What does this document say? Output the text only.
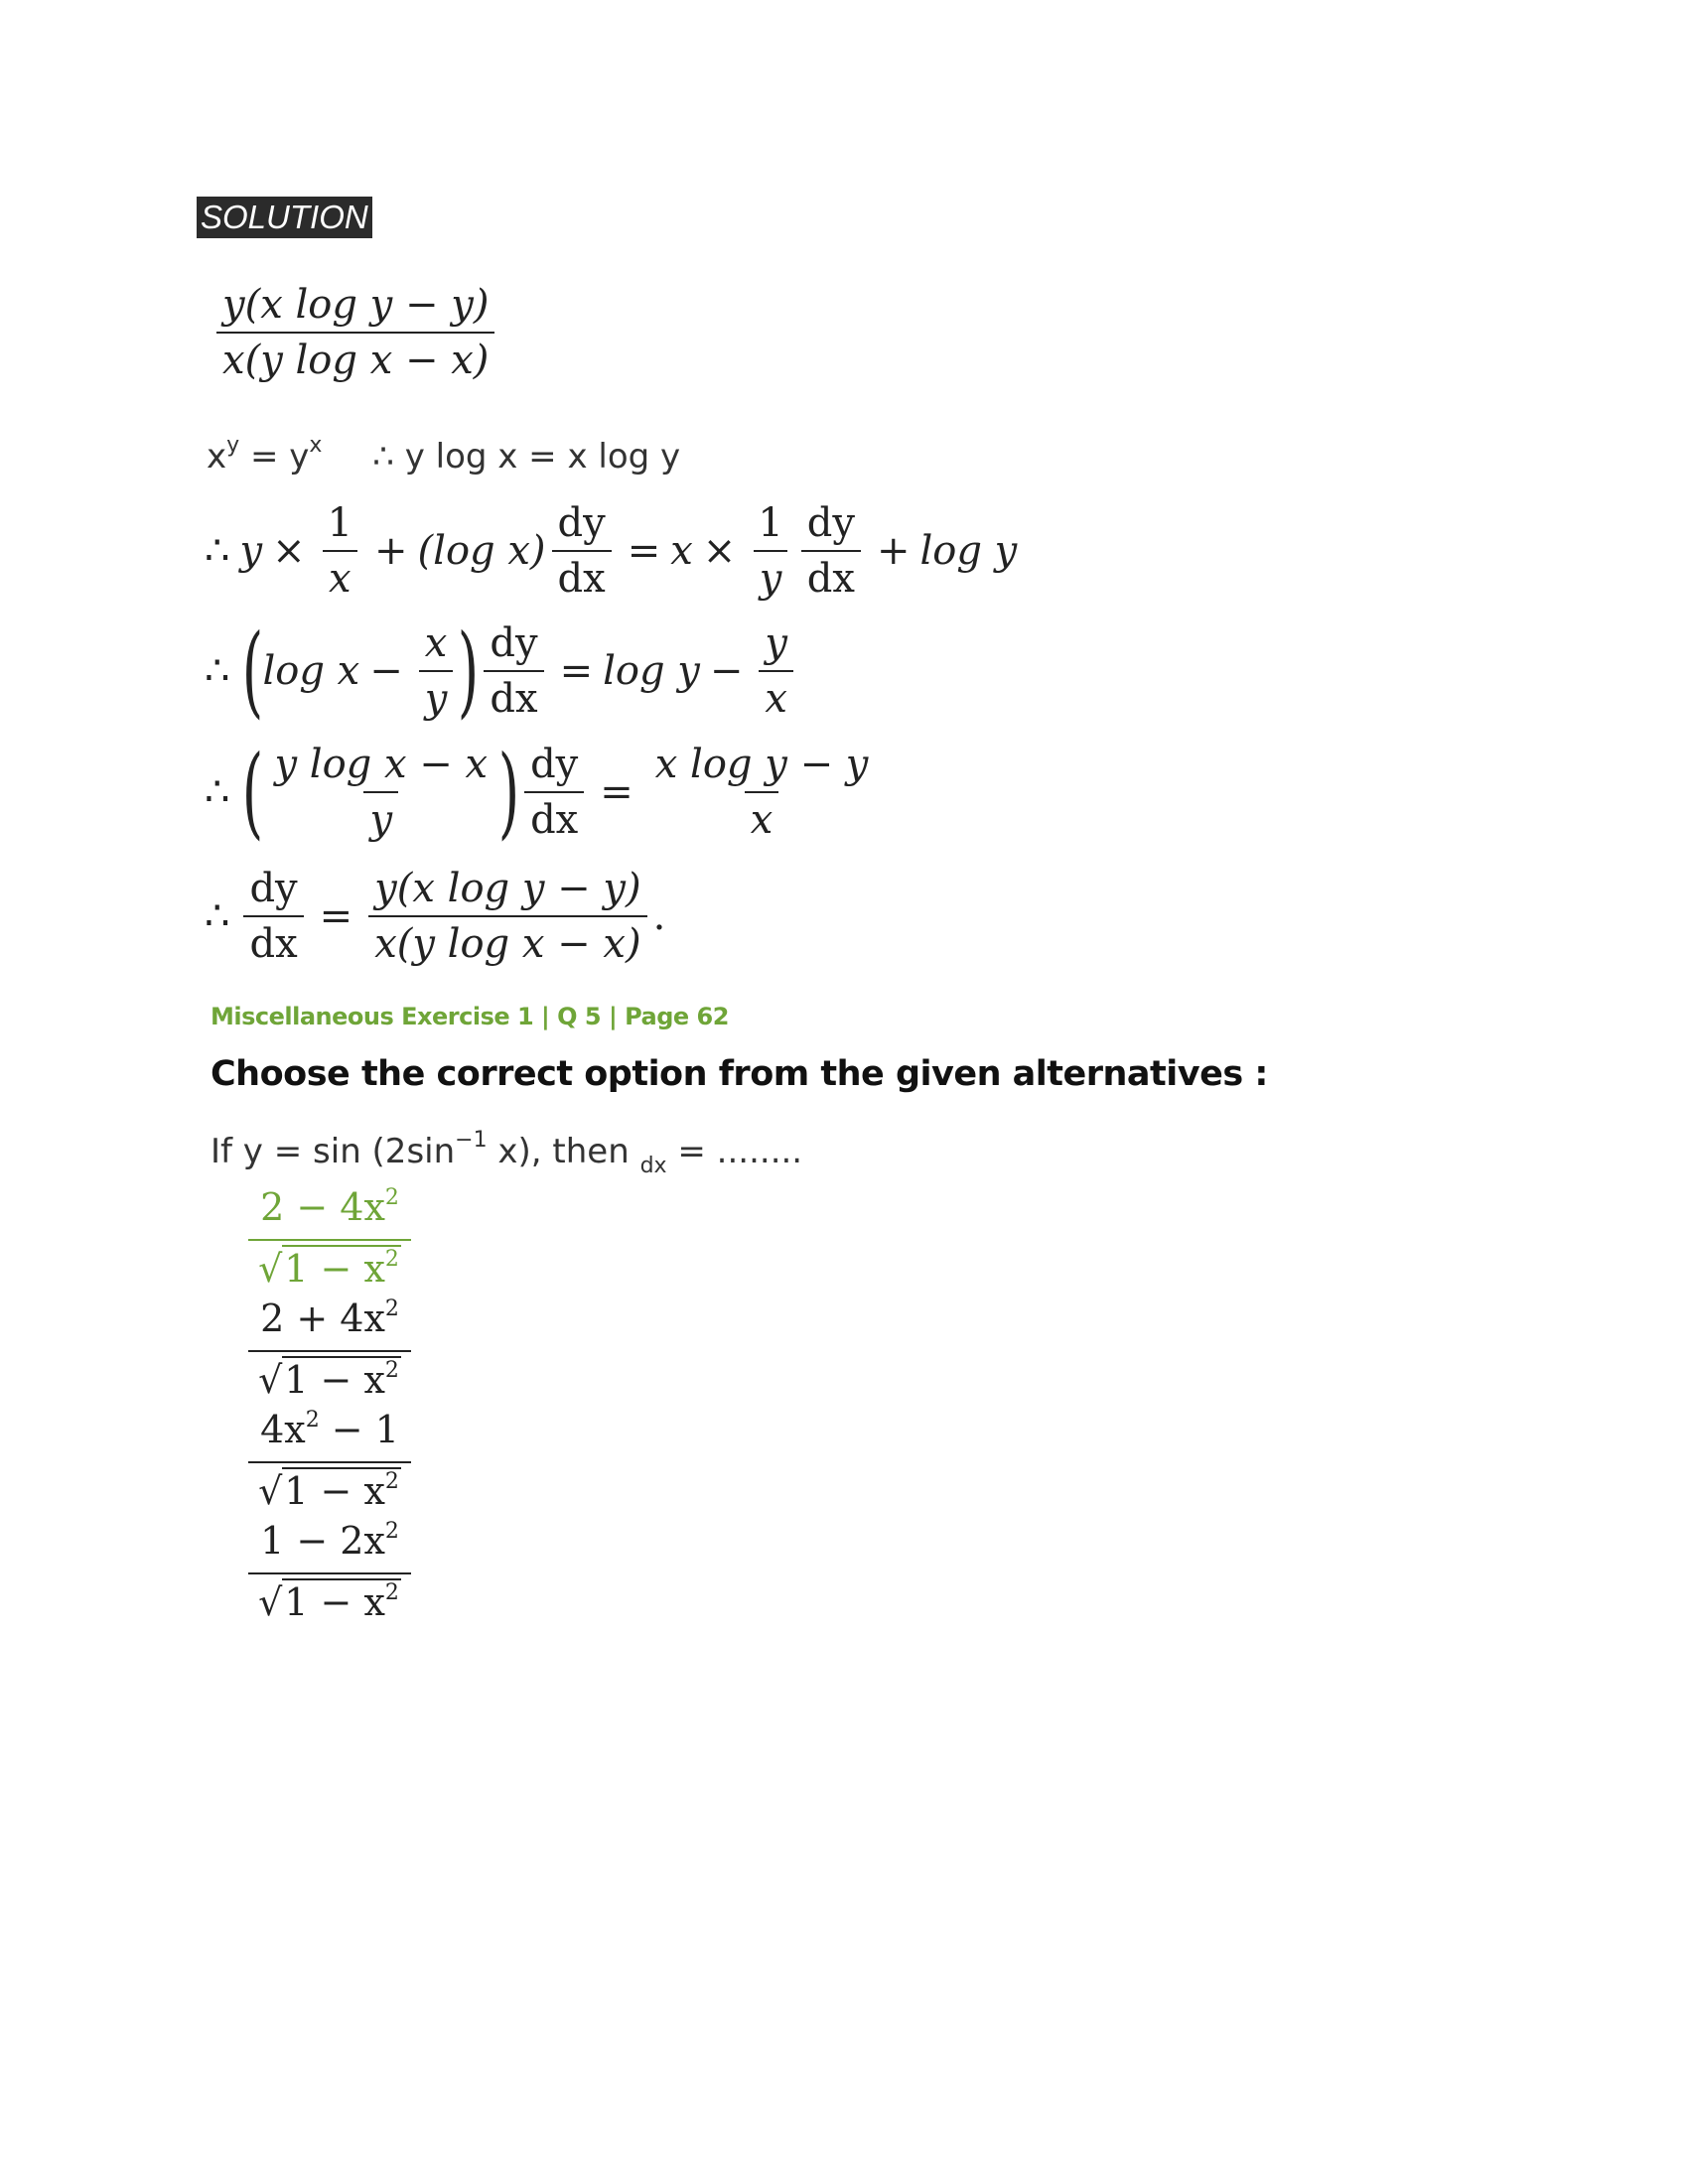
SOLUTION
$\frac{\text{y(x log y − y)}}{\text{x(y log x − x)}}$
$x^y = y^x$ ∴ y log x = x log y
∴ $y \times \frac{1}{x} + (\log$ $x) \frac{dy}{dx} = x \times \frac{1}{y} \frac{dy}{dx} + \log y$
∴ (
$\log x - \frac{x}{y}$ ) $\frac{dy}{dx} = \log y - \frac{y}{x}$
∴ ( $\frac{\text{y log x − x}}{y}$ ) $\frac{dy}{dx} = \frac{\text{x log y − y}}{x}$
∴ $\frac{dy}{dx} = \frac{\text{y(x log y − y)}}{\text{x(y log x − x)}}$ .
Miscellaneous Exercise 1 | Q 5 | Page 62
Choose the correct option from the given alternatives :
If $y = \sin (2\sin^{-1}$ x), then $_{dx}$ = ........
$2 - 4x^2$
$√1 - x^2$
$2 + 4x^2$
$√1 - x^2$
$4x^2 - 1$
$√1 - x^2$
$1 - 2x^2$
$√1 - x^2$
